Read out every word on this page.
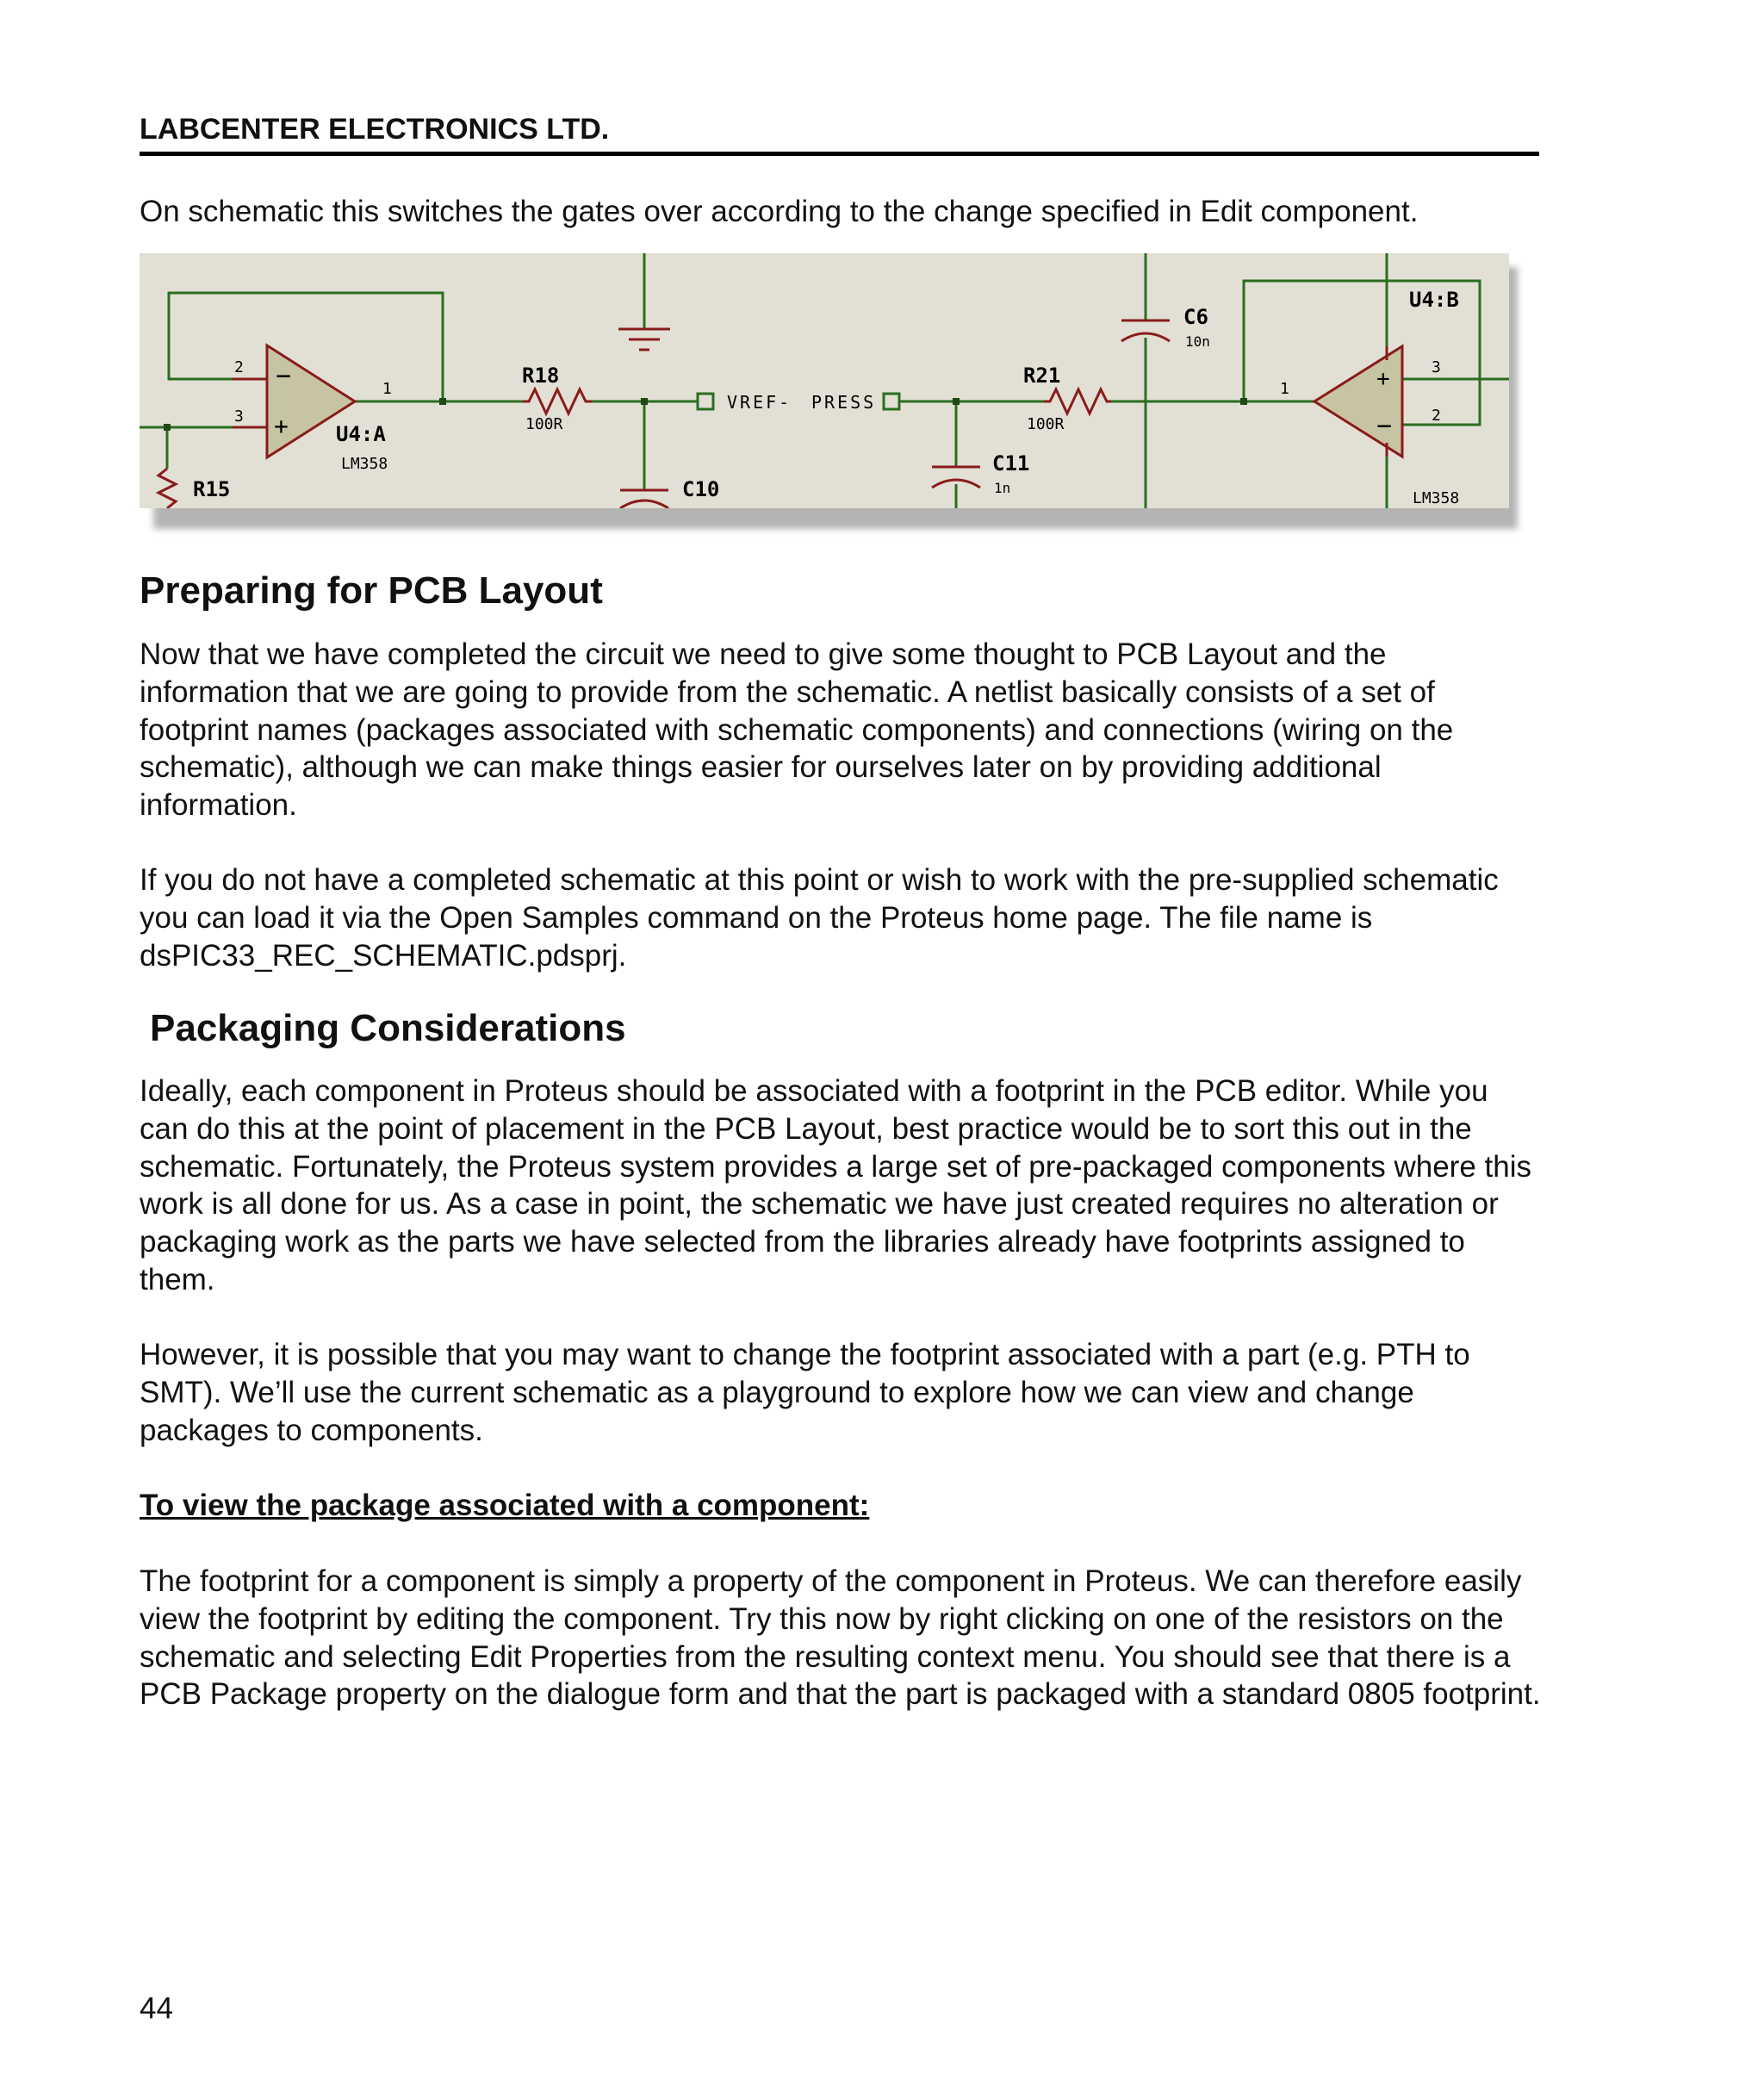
LABCENTER ELECTRONICS LTD.
On schematic this switches the gates over according to the change specified in Edit component.
−
+
2
3
1
U4:A
LM358
R15
R18
100R
C10
VREF- PRESS
C11
1n
R21
100R
C6
10n
+
−
1
3
2
U4:B
LM358
Preparing for PCB Layout

Now that we have completed the circuit we need to give some thought to PCB Layout and the information that we are going to provide from the schematic. A netlist basically consists of a set of footprint names (packages associated with schematic components) and connections (wiring on the schematic), although we can make things easier for ourselves later on by providing additional information.

If you do not have a completed schematic at this point or wish to work with the pre-supplied schematic you can load it via the Open Samples command on the Proteus home page. The file name is dsPIC33_REC_SCHEMATIC.pdsprj.

Packaging Considerations

Ideally, each component in Proteus should be associated with a footprint in the PCB editor. While you can do this at the point of placement in the PCB Layout, best practice would be to sort this out in the schematic. Fortunately, the Proteus system provides a large set of pre-packaged components where this work is all done for us. As a case in point, the schematic we have just created requires no alteration or packaging work as the parts we have selected from the libraries already have footprints assigned to them.

However, it is possible that you may want to change the footprint associated with a part (e.g. PTH to SMT). We’ll use the current schematic as a playground to explore how we can view and change packages to components.

To view the package associated with a component:

The footprint for a component is simply a property of the component in Proteus. We can therefore easily view the footprint by editing the component. Try this now by right clicking on one of the resistors on the schematic and selecting Edit Properties from the resulting context menu. You should see that there is a PCB Package property on the dialogue form and that the part is packaged with a standard 0805 footprint.

44
